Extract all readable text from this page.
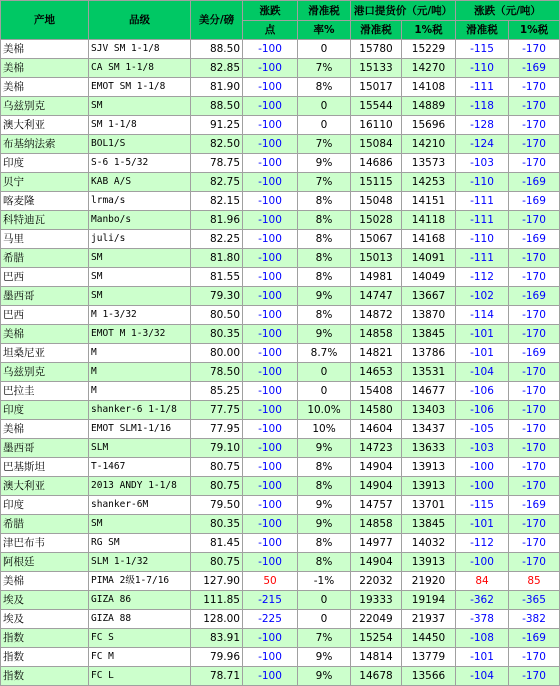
产地	品级	美分/磅	涨跌	滑准税	港口提货价（元/吨）		涨跌（元/吨）	
			点	率%	滑准税	1%税	滑准税	1%税
美棉	SJV SM 1-1/8	88.50	-100	0	15780	15229	-115	-170
美棉	CA SM 1-1/8	82.85	-100	7%	15133	14270	-110	-169
美棉	EMOT SM 1-1/8	81.90	-100	8%	15017	14108	-111	-170
乌兹别克	SM	88.50	-100	0	15544	14889	-118	-170
澳大利亚	SM 1-1/8	91.25	-100	0	16110	15696	-128	-170
布基纳法索	BOL1/S	82.50	-100	7%	15084	14210	-124	-170
印度	S-6 1-5/32	78.75	-100	9%	14686	13573	-103	-170
贝宁	KAB A/S	82.75	-100	7%	15115	14253	-110	-169
喀麦隆	lrma/s	82.15	-100	8%	15048	14151	-111	-169
科特迪瓦	Manbo/s	81.96	-100	8%	15028	14118	-111	-170
马里	juli/s	82.25	-100	8%	15067	14168	-110	-169
希腊	SM	81.80	-100	8%	15013	14091	-111	-170
巴西	SM	81.55	-100	8%	14981	14049	-112	-170
墨西哥	SM	79.30	-100	9%	14747	13667	-102	-169
巴西	M 1-3/32	80.50	-100	8%	14872	13870	-114	-170
美棉	EMOT M 1-3/32	80.35	-100	9%	14858	13845	-101	-170
坦桑尼亚	M	80.00	-100	8.7%	14821	13786	-101	-169
乌兹别克	M	78.50	-100	0	14653	13531	-104	-170
巴拉圭	M	85.25	-100	0	15408	14677	-106	-170
印度	shanker-6 1-1/8	77.75	-100	10.0%	14580	13403	-106	-170
美棉	EMOT SLM1-1/16	77.95	-100	10%	14604	13437	-105	-170
墨西哥	SLM	79.10	-100	9%	14723	13633	-103	-170
巴基斯坦	T-1467	80.75	-100	8%	14904	13913	-100	-170
澳大利亚	2013 ANDY 1-1/8	80.75	-100	8%	14904	13913	-100	-170
印度	shanker-6M	79.50	-100	9%	14757	13701	-115	-169
希腊	SM	80.35	-100	9%	14858	13845	-101	-170
津巴布韦	RG SM	81.45	-100	8%	14977	14032	-112	-170
阿根廷	SLM 1-1/32	80.75	-100	8%	14904	13913	-100	-170
美棉	PIMA 2级1-7/16	127.90	50	-1%	22032	21920	84	85
埃及	GIZA 86	111.85	-215	0	19333	19194	-362	-365
埃及	GIZA 88	128.00	-225	0	22049	21937	-378	-382
指数	FC S	83.91	-100	7%	15254	14450	-108	-169
指数	FC M	79.96	-100	9%	14814	13779	-101	-170
指数	FC L	78.71	-100	9%	14678	13566	-104	-170
